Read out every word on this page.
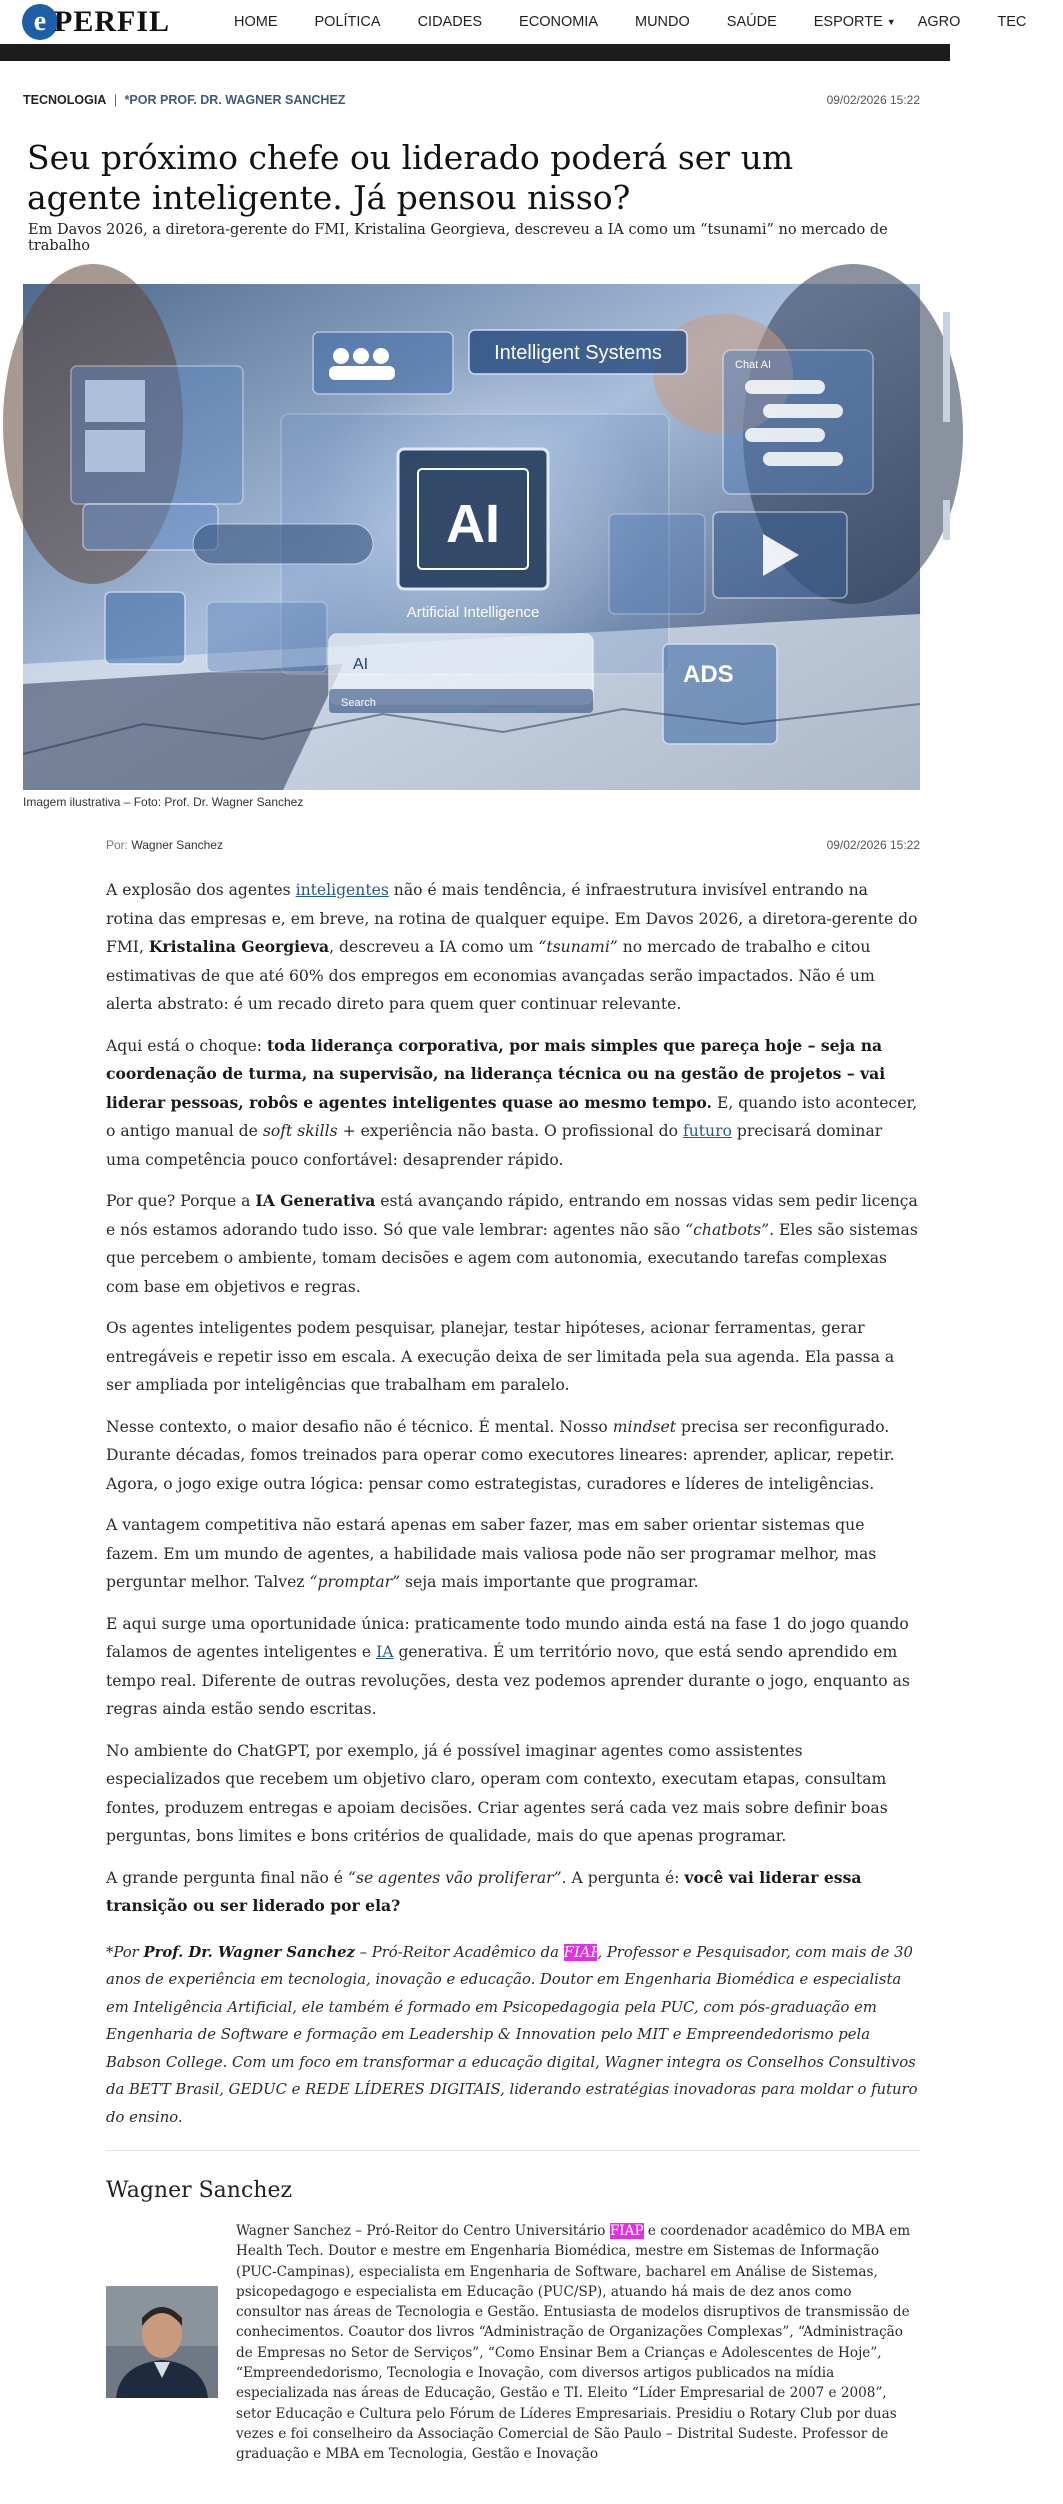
e PERFIL	HOME	POLÍTICA	CIDADES	ECONOMIA	MUNDO	SAÚDE	ESPORTE ▼ AGRO	TEC
TECNOLOGIA | *POR PROF. DR. WAGNER SANCHEZ	09/02/2026 15:22
Seu próximo chefe ou liderado poderá ser um agente inteligente. Já pensou nisso?

Em Davos 2026, a diretora-gerente do FMI, Kristalina Georgieva, descreveu a IA como um “tsunami” no mercado de trabalho

AI
Artificial Intelligence
Intelligent Systems
AI
Search
Chat AI
ADS
Imagem ilustrativa – Foto: Prof. Dr. Wagner Sanchez
Por: Wagner Sanchez	09/02/2026 15:22

A explosão dos agentes inteligentes não é mais tendência, é infraestrutura invisível entrando na rotina das empresas e, em breve, na rotina de qualquer equipe. Em Davos 2026, a diretora-gerente do FMI, Kristalina Georgieva, descreveu a IA como um “tsunami” no mercado de trabalho e citou estimativas de que até 60% dos empregos em economias avançadas serão impactados. Não é um alerta abstrato: é um recado direto para quem quer continuar relevante.

Aqui está o choque: toda liderança corporativa, por mais simples que pareça hoje – seja na coordenação de turma, na supervisão, na liderança técnica ou na gestão de projetos – vai liderar pessoas, robôs e agentes inteligentes quase ao mesmo tempo. E, quando isto acontecer, o antigo manual de soft skills + experiência não basta. O profissional do futuro precisará dominar uma competência pouco confortável: desaprender rápido.

Por que? Porque a IA Generativa está avançando rápido, entrando em nossas vidas sem pedir licença e nós estamos adorando tudo isso. Só que vale lembrar: agentes não são “chatbots”. Eles são sistemas que percebem o ambiente, tomam decisões e agem com autonomia, executando tarefas complexas com base em objetivos e regras.

Os agentes inteligentes podem pesquisar, planejar, testar hipóteses, acionar ferramentas, gerar entregáveis e repetir isso em escala. A execução deixa de ser limitada pela sua agenda. Ela passa a ser ampliada por inteligências que trabalham em paralelo.

Nesse contexto, o maior desafio não é técnico. É mental. Nosso mindset precisa ser reconfigurado. Durante décadas, fomos treinados para operar como executores lineares: aprender, aplicar, repetir. Agora, o jogo exige outra lógica: pensar como estrategistas, curadores e líderes de inteligências.

A vantagem competitiva não estará apenas em saber fazer, mas em saber orientar sistemas que fazem. Em um mundo de agentes, a habilidade mais valiosa pode não ser programar melhor, mas perguntar melhor. Talvez “promptar” seja mais importante que programar.

E aqui surge uma oportunidade única: praticamente todo mundo ainda está na fase 1 do jogo quando falamos de agentes inteligentes e IA generativa. É um território novo, que está sendo aprendido em tempo real. Diferente de outras revoluções, desta vez podemos aprender durante o jogo, enquanto as regras ainda estão sendo escritas.

No ambiente do ChatGPT, por exemplo, já é possível imaginar agentes como assistentes especializados que recebem um objetivo claro, operam com contexto, executam etapas, consultam fontes, produzem entregas e apoiam decisões. Criar agentes será cada vez mais sobre definir boas perguntas, bons limites e bons critérios de qualidade, mais do que apenas programar.

A grande pergunta final não é “se agentes vão proliferar”. A pergunta é: você vai liderar essa transição ou ser liderado por ela?

*Por Prof. Dr. Wagner Sanchez – Pró-Reitor Acadêmico da FIAP, Professor e Pesquisador, com mais de 30 anos de experiência em tecnologia, inovação e educação. Doutor em Engenharia Biomédica e especialista em Inteligência Artificial, ele também é formado em Psicopedagogia pela PUC, com pós-graduação em Engenharia de Software e formação em Leadership & Innovation pelo MIT e Empreendedorismo pela Babson College. Com um foco em transformar a educação digital, Wagner integra os Conselhos Consultivos da BETT Brasil, GEDUC e REDE LÍDERES DIGITAIS, liderando estratégias inovadoras para moldar o futuro do ensino.

Wagner Sanchez

Wagner Sanchez – Pró-Reitor do Centro Universitário FIAP e coordenador acadêmico do MBA em Health Tech. Doutor e mestre em Engenharia Biomédica, mestre em Sistemas de Informação (PUC-Campinas), especialista em Engenharia de Software, bacharel em Análise de Sistemas, psicopedagogo e especialista em Educação (PUC/SP), atuando há mais de dez anos como consultor nas áreas de Tecnologia e Gestão. Entusiasta de modelos disruptivos de transmissão de conhecimentos. Coautor dos livros “Administração de Organizações Complexas”, “Administração de Empresas no Setor de Serviços”, “Como Ensinar Bem a Crianças e Adolescentes de Hoje”, “Empreendedorismo, Tecnologia e Inovação, com diversos artigos publicados na mídia especializada nas áreas de Educação, Gestão e TI. Eleito “Líder Empresarial de 2007 e 2008”, setor Educação e Cultura pelo Fórum de Líderes Empresariais. Presidiu o Rotary Club por duas vezes e foi conselheiro da Associação Comercial de São Paulo – Distrital Sudeste. Professor de graduação e MBA em Tecnologia, Gestão e Inovação
